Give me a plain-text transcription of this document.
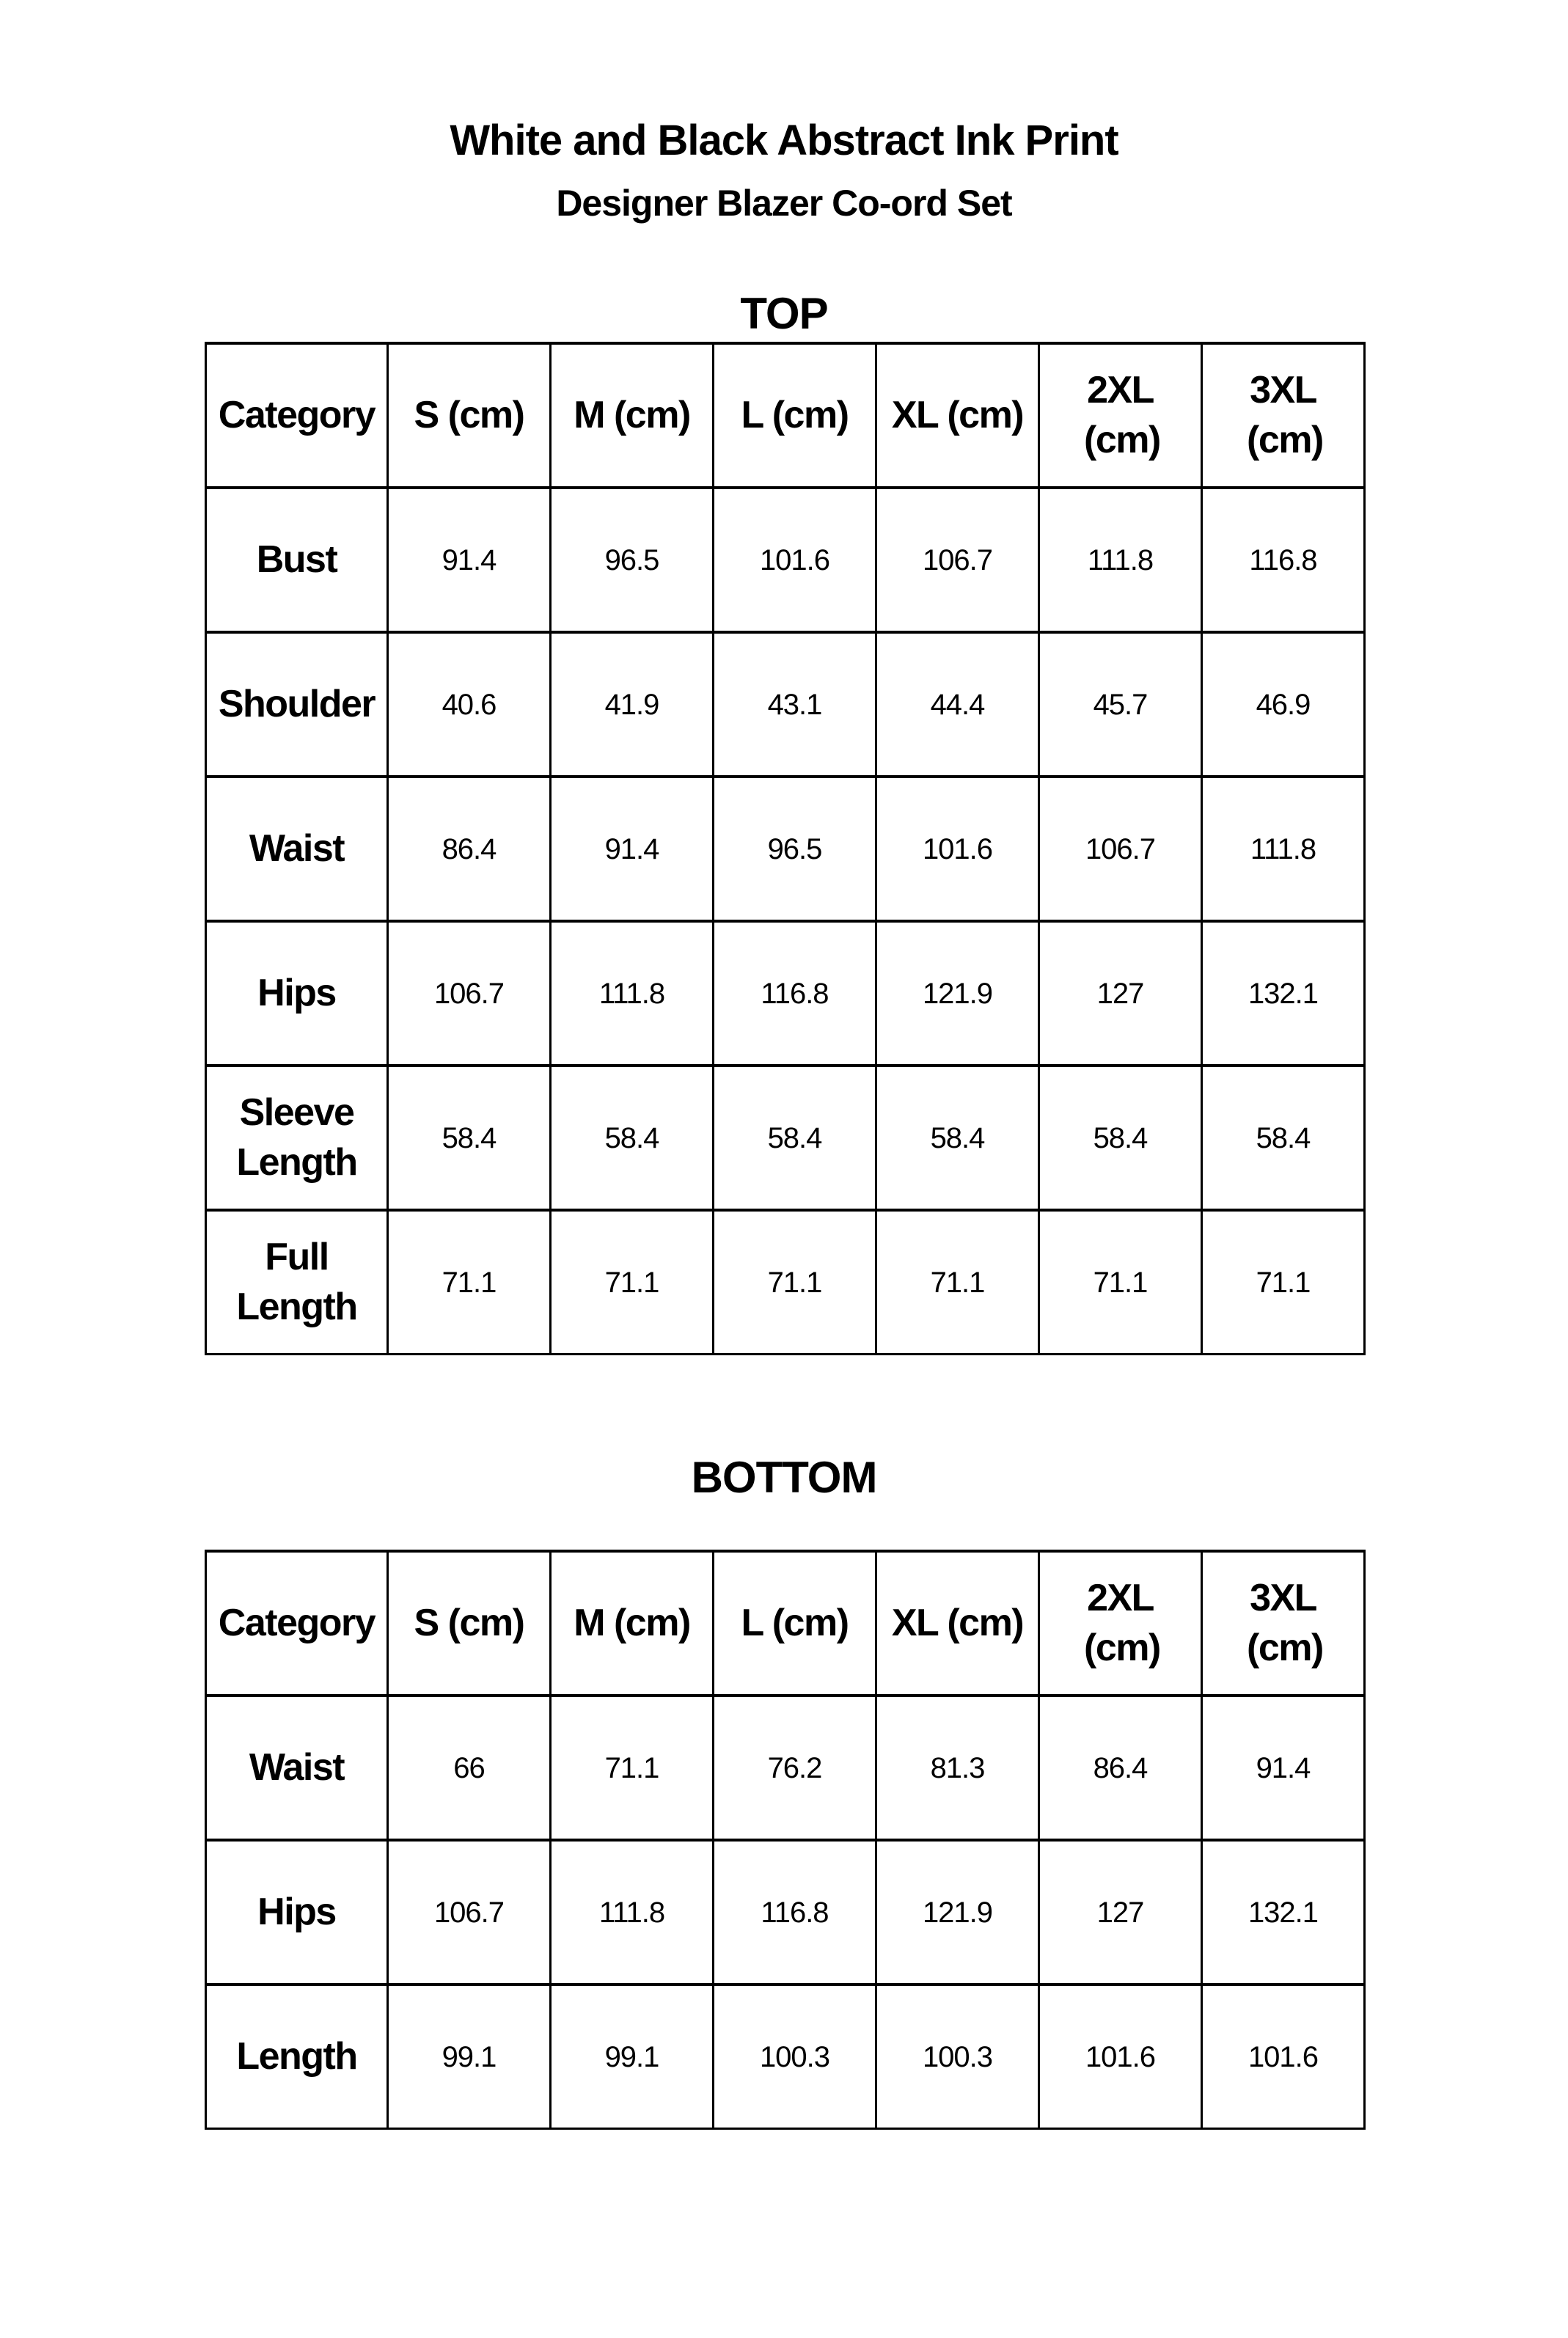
White and Black Abstract Ink Print
Designer Blazer Co-ord Set
TOP
Category	S (cm)	M (cm)	L (cm)	XL (cm)	2XL (cm)	3XL (cm)
Bust	91.4	96.5	101.6	106.7	111.8	116.8
Shoulder	40.6	41.9	43.1	44.4	45.7	46.9
Waist	86.4	91.4	96.5	101.6	106.7	111.8
Hips	106.7	111.8	116.8	121.9	127	132.1
Sleeve Length	58.4	58.4	58.4	58.4	58.4	58.4
Full Length	71.1	71.1	71.1	71.1	71.1	71.1
BOTTOM
Category	S (cm)	M (cm)	L (cm)	XL (cm)	2XL (cm)	3XL (cm)
Waist	66	71.1	76.2	81.3	86.4	91.4
Hips	106.7	111.8	116.8	121.9	127	132.1
Length	99.1	99.1	100.3	100.3	101.6	101.6
